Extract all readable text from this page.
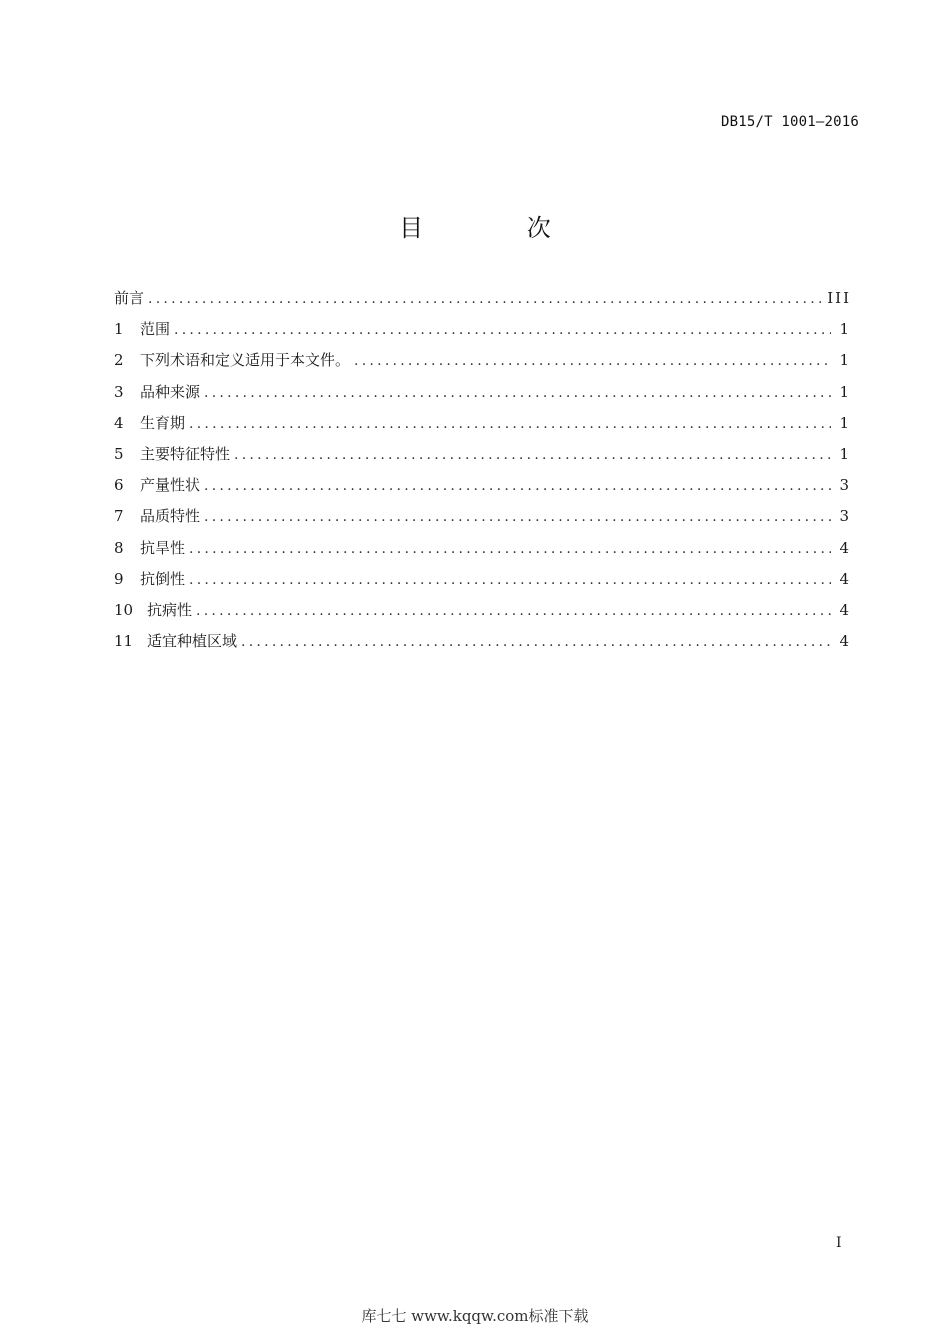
DB15/T 1001—2016
目 次
前言 . . .	III
1	范围 . . .	1
2	下列术语和定义适用于本文件。 . . .	1
3	品种来源 . . .	1
4	生育期 . . .	1
5	主要特征特性 . . .	1
6	产量性状 . . .	3
7	品质特性 . . .	3
8	抗旱性 . . .	4
9	抗倒性 . . .	4
10 抗病性 . . .	4
11 适宜种植区域 . . .	4
I
库七七 www.kqqw.com标准下载
